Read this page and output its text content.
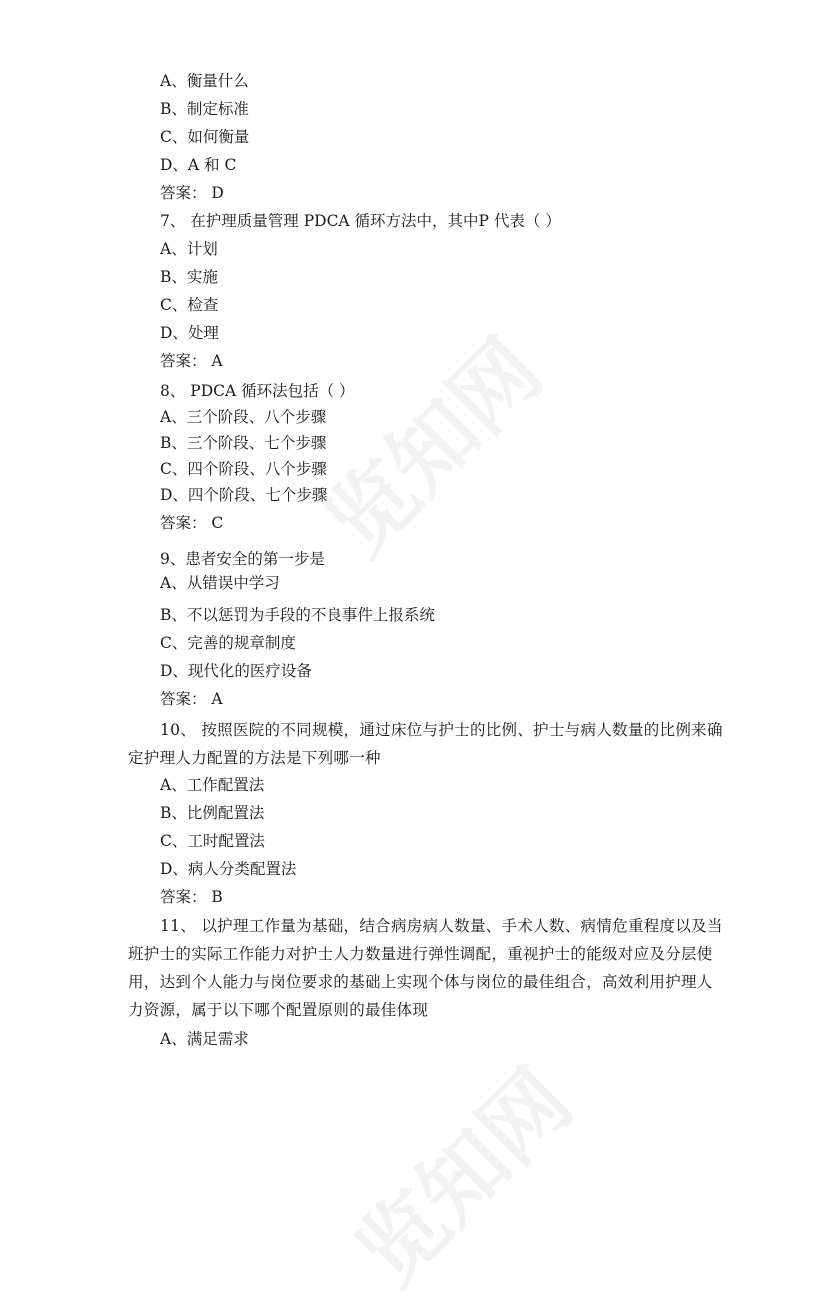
览知网
览知网
A、衡量什么
B、制定标准
C、如何衡量
D、A 和 C
答案： D
7、 在护理质量管理 PDCA 循环方法中，其中P 代表（ ）
A、计划
B、实施
C、检查
D、处理
答案： A
8、 PDCA 循环法包括（ ）
A、三个阶段、八个步骤
B、三个阶段、七个步骤
C、四个阶段、八个步骤
D、四个阶段、七个步骤
答案： C
9、患者安全的第一步是
A、从错误中学习
B、不以惩罚为手段的不良事件上报系统
C、完善的规章制度
D、现代化的医疗设备
答案： A
10、 按照医院的不同规模，通过床位与护士的比例、护士与病人数量的比例来确定护理人力配置的方法是下列哪一种
A、工作配置法
B、比例配置法
C、工时配置法
D、病人分类配置法
答案： B
11、 以护理工作量为基础，结合病房病人数量、手术人数、病情危重程度以及当班护士的实际工作能力对护士人力数量进行弹性调配，重视护士的能级对应及分层使用，达到个人能力与岗位要求的基础上实现个体与岗位的最佳组合，高效利用护理人力资源，属于以下哪个配置原则的最佳体现
A、满足需求
